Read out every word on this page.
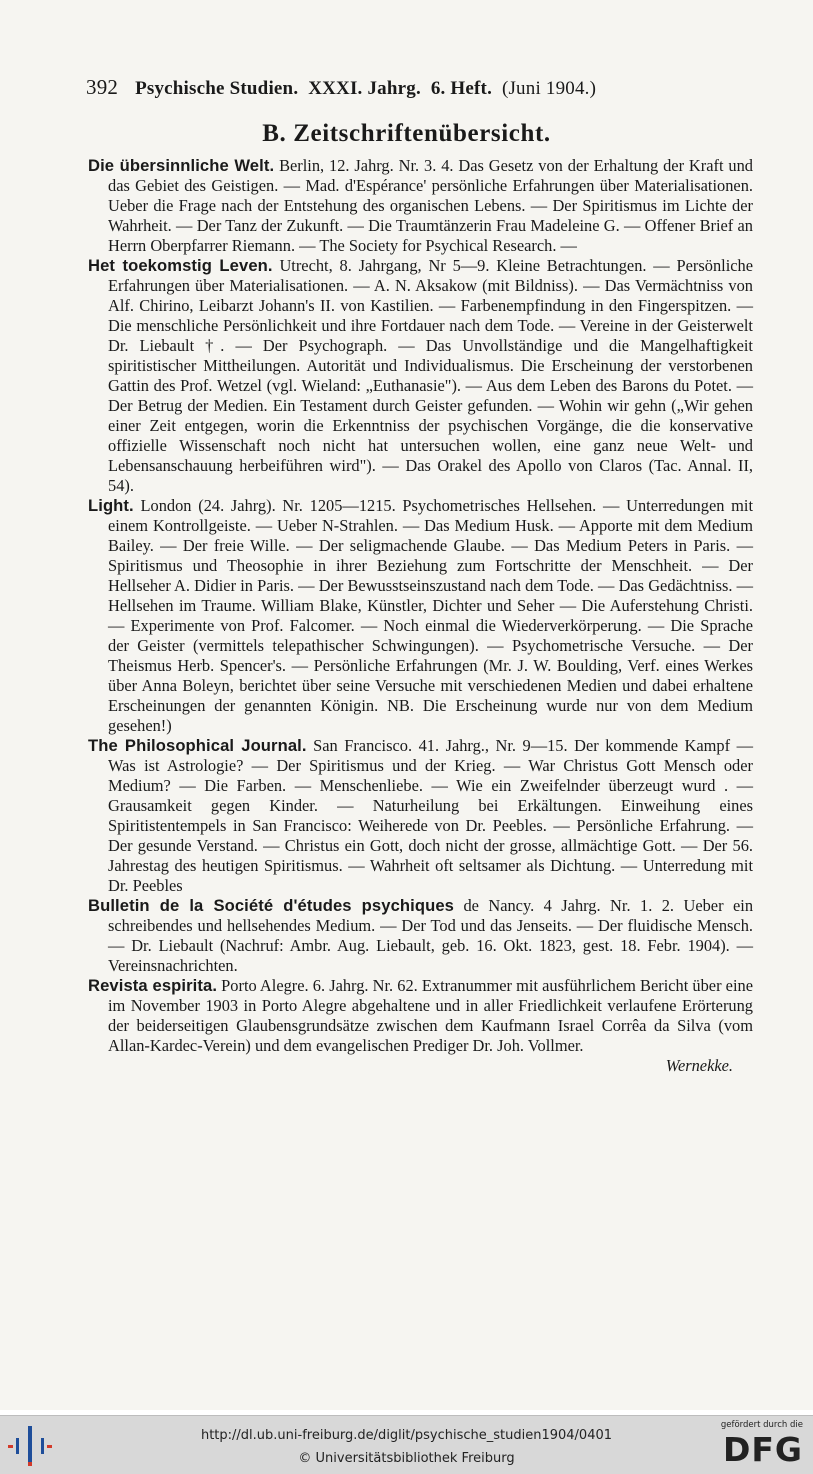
392 Psychische Studien. XXXI. Jahrg. 6. Heft. (Juni 1904.)
B. Zeitschriftenübersicht.

Die übersinnliche Welt. Berlin, 12. Jahrg. Nr. 3. 4. Das Gesetz von der Erhaltung der Kraft und das Gebiet des Geistigen. — Mad. d'Espérance' persönliche Erfahrungen über Materialisationen. Ueber die Frage nach der Entstehung des organischen Lebens. — Der Spiritismus im Lichte der Wahrheit. — Der Tanz der Zukunft. — Die Traumtänzerin Frau Madeleine G. — Offener Brief an Herrn Oberpfarrer Riemann. — The Society for Psychical Research. —

Het toekomstig Leven. Utrecht, 8. Jahrgang, Nr 5—9. Kleine Betrachtungen. — Persönliche Erfahrungen über Materialisationen. — A. N. Aksakow (mit Bildniss). — Das Vermächtniss von Alf. Chirino, Leibarzt Johann's II. von Kastilien. — Farbenempfindung in den Fingerspitzen. — Die menschliche Persönlichkeit und ihre Fortdauer nach dem Tode. — Vereine in der Geisterwelt Dr. Liebault †. — Der Psychograph. — Das Unvollständige und die Mangelhaftigkeit spiritistischer Mittheilungen. Autorität und Individualismus. Die Erscheinung der verstorbenen Gattin des Prof. Wetzel (vgl. Wieland: „Euthanasie"). — Aus dem Leben des Barons du Potet. — Der Betrug der Medien. Ein Testament durch Geister gefunden. — Wohin wir gehn („Wir gehen einer Zeit entgegen, worin die Erkenntniss der psychischen Vorgänge, die die konservative offizielle Wissenschaft noch nicht hat untersuchen wollen, eine ganz neue Welt- und Lebensanschauung herbeiführen wird"). — Das Orakel des Apollo von Claros (Tac. Annal. II, 54).

Light. London (24. Jahrg). Nr. 1205—1215. Psychometrisches Hellsehen. — Unterredungen mit einem Kontrollgeiste. — Ueber N-Strahlen. — Das Medium Husk. — Apporte mit dem Medium Bailey. — Der freie Wille. — Der seligmachende Glaube. — Das Medium Peters in Paris. — Spiritismus und Theosophie in ihrer Beziehung zum Fortschritte der Menschheit. — Der Hellseher A. Didier in Paris. — Der Bewusstseinszustand nach dem Tode. — Das Gedächtniss. — Hellsehen im Traume. William Blake, Künstler, Dichter und Seher — Die Auferstehung Christi. — Experimente von Prof. Falcomer. — Noch einmal die Wiederverkörperung. — Die Sprache der Geister (vermittels telepathischer Schwingungen). — Psychometrische Versuche. — Der Theismus Herb. Spencer's. — Persönliche Erfahrungen (Mr. J. W. Boulding, Verf. eines Werkes über Anna Boleyn, berichtet über seine Versuche mit verschiedenen Medien und dabei erhaltene Erscheinungen der genannten Königin. NB. Die Erscheinung wurde nur von dem Medium gesehen!)

The Philosophical Journal. San Francisco. 41. Jahrg., Nr. 9—15. Der kommende Kampf — Was ist Astrologie? — Der Spiritismus und der Krieg. — War Christus Gott Mensch oder Medium? — Die Farben. — Menschenliebe. — Wie ein Zweifelnder überzeugt wurd . — Grausamkeit gegen Kinder. — Naturheilung bei Erkältungen. Einweihung eines Spiritistentempels in San Francisco: Weiherede von Dr. Peebles. — Persönliche Erfahrung. — Der gesunde Verstand. — Christus ein Gott, doch nicht der grosse, allmächtige Gott. — Der 56. Jahrestag des heutigen Spiritismus. — Wahrheit oft seltsamer als Dichtung. — Unterredung mit Dr. Peebles

Bulletin de la Société d'études psychiques de Nancy. 4 Jahrg. Nr. 1. 2. Ueber ein schreibendes und hellsehendes Medium. — Der Tod und das Jenseits. — Der fluidische Mensch. — Dr. Liebault (Nachruf: Ambr. Aug. Liebault, geb. 16. Okt. 1823, gest. 18. Febr. 1904). — Vereinsnachrichten.

Revista espirita. Porto Alegre. 6. Jahrg. Nr. 62. Extranummer mit ausführlichem Bericht über eine im November 1903 in Porto Alegre abgehaltene und in aller Friedlichkeit verlaufene Erörterung der beiderseitigen Glaubensgrundsätze zwischen dem Kaufmann Israel Corrêa da Silva (vom Allan-Kardec-Verein) und dem evangelischen Prediger Dr. Joh. Vollmer.

Wernekke.
http://dl.ub.uni-freiburg.de/diglit/psychische_studien1904/0401
© Universitätsbibliothek Freiburg
gefördert durch die
DFG
